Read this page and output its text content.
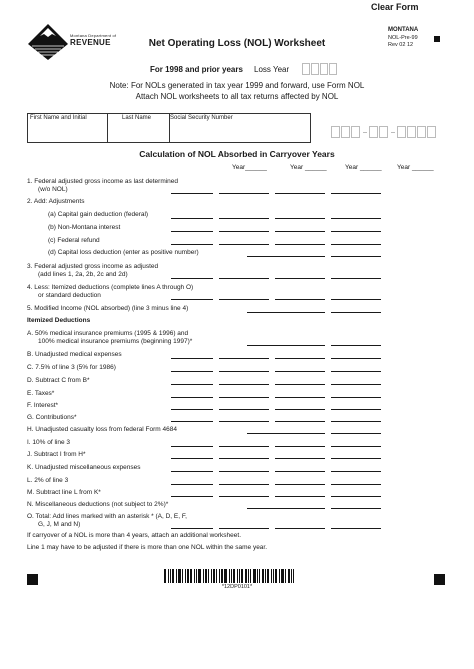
Clear Form
Montana Department of
REVENUE
MONTANA
NOL-Pre-99
Rev 02 12
Net Operating Loss (NOL) Worksheet
For 1998 and prior years Loss Year
Note: For NOLs generated in tax year 1999 and forward, use Form NOL
Attach NOL worksheets to all tax returns affected by NOL
First Name and Initial	Last Name	Social Security Number
Calculation of NOL Absorbed in Carryover Years
Year______	Year ______	Year ______ Year ______
1. Federal adjusted gross income as last determined
(w/o NOL)
2. Add: Adjustments
(a) Capital gain deduction (federal)
(b) Non-Montana interest
(c) Federal refund
(d) Capital loss deduction (enter as positive number)
3. Federal adjusted gross income as adjusted
(add lines 1, 2a, 2b, 2c and 2d)
4. Less: Itemized deductions (complete lines A through O)
or standard deduction
5. Modified Income (NOL absorbed) (line 3 minus line 4)
Itemized Deductions
A. 50% medical insurance premiums (1995 & 1996) and
100% medical insurance premiums (beginning 1997)*
B. Unadjusted medical expenses
C. 7.5% of line 3 (5% for 1986)
D. Subtract C from B*
E. Taxes*
F. Interest*
G. Contributions*
H. Unadjusted casualty loss from federal Form 4684
I. 10% of line 3
J. Subtract I from H*
K. Unadjusted miscellaneous expenses
L. 2% of line 3
M. Subtract line L from K*
N. Miscellaneous deductions (not subject to 2%)*
O. Total: Add lines marked with an asterisk * (A, D, E, F,
G, J, M and N)
If carryover of a NOL is more than 4 years, attach an additional worksheet.
Line 1 may have to be adjusted if there is more than one NOL within the same year.
*12DP0101*
